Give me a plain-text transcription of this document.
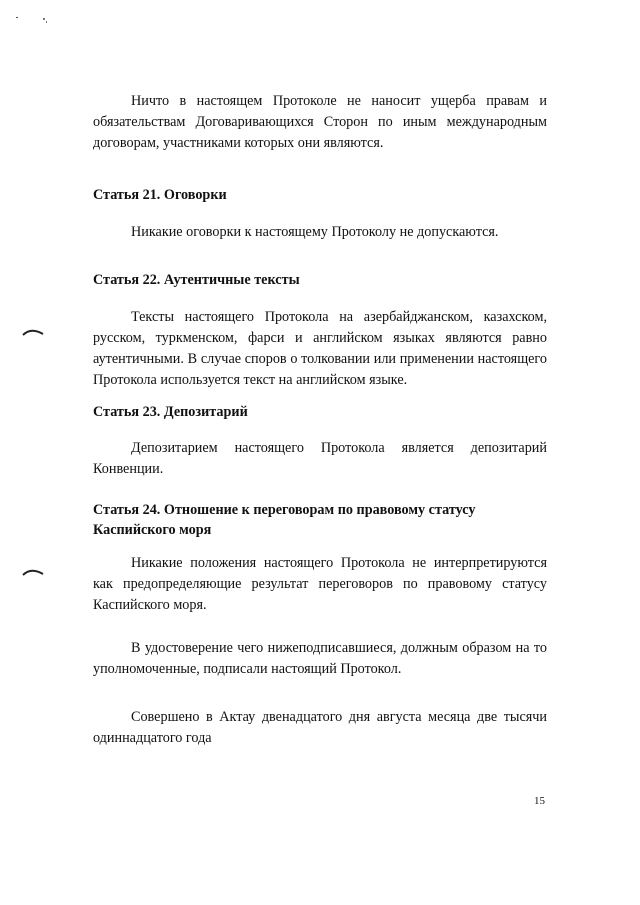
Ничто в настоящем Протоколе не наносит ущерба правам и обязательствам Договаривающихся Сторон по иным международным договорам, участниками которых они являются.

Статья 21. Оговорки

Никакие оговорки к настоящему Протоколу не допускаются.

Статья 22. Аутентичные тексты

Тексты настоящего Протокола на азербайджанском, казахском, русском, туркменском, фарси и английском языках являются равно аутентичными. В случае споров о толковании или применении настоящего Протокола используется текст на английском языке.

Статья 23. Депозитарий

Депозитарием настоящего Протокола является депозитарий Конвенции.

Статья 24. Отношение к переговорам по правовому статусу Каспийского моря

Никакие положения настоящего Протокола не интерпретируются как предопределяющие результат переговоров по правовому статусу Каспийского моря.

В удостоверение чего нижеподписавшиеся, должным образом на то уполномоченные, подписали настоящий Протокол.

Совершено в Актау двенадцатого дня августа месяца две тысячи одиннадцатого года

15
